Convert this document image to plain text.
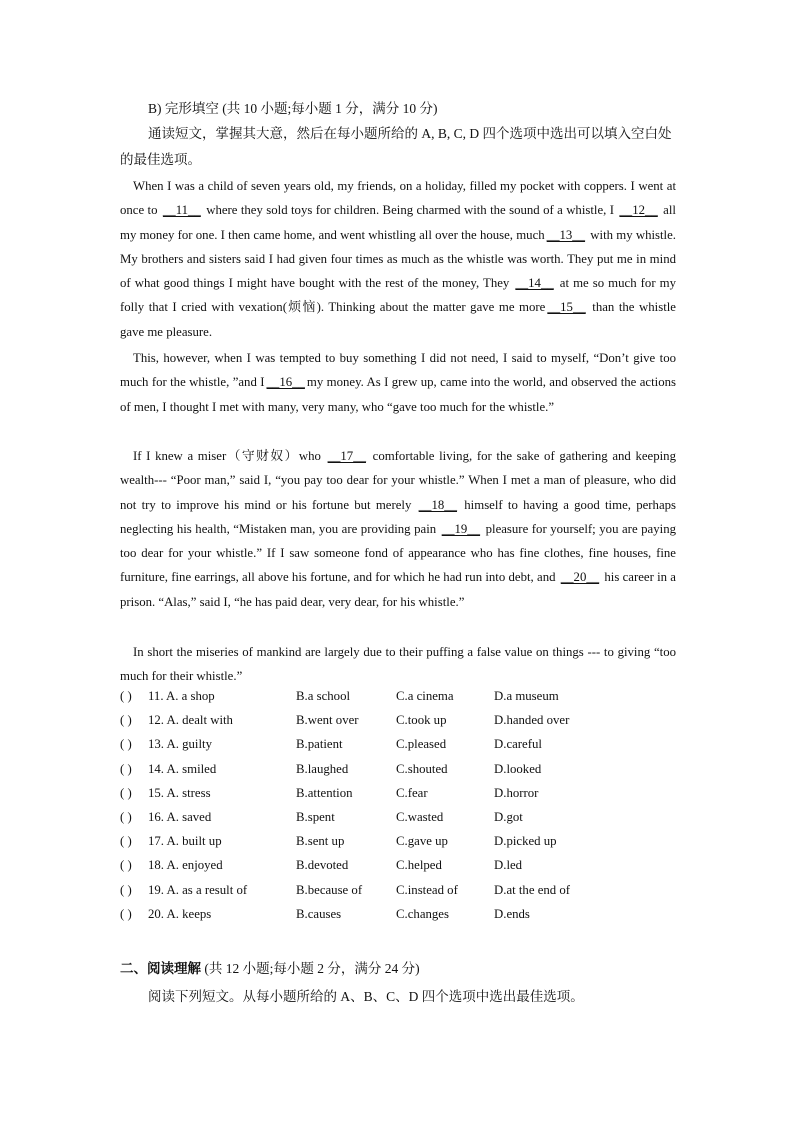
B) 完形填空 (共 10 小题;每小题 1 分，满分 10 分)

通读短文，掌握其大意，然后在每小题所给的 A, B, C, D 四个选项中选出可以填入空白处的最佳选项。

When I was a child of seven years old, my friends, on a holiday, filled my pocket with coppers. I went at once to __11__ where they sold toys for children. Being charmed with the sound of a whistle, I __12__ all my money for one. I then came home, and went whistling all over the house, much __13__ with my whistle. My brothers and sisters said I had given four times as much as the whistle was worth. They put me in mind of what good things I might have bought with the rest of the money, They __14__ at me so much for my folly that I cried with vexation(烦恼). Thinking about the matter gave me more __15__ than the whistle gave me pleasure.

This, however, when I was tempted to buy something I did not need, I said to myself, “Don’t give too much for the whistle, ”and I __16__ my money. As I grew up, came into the world, and observed the actions of men, I thought I met with many, very many, who “gave too much for the whistle.”

If I knew a miser（守财奴）who __17__ comfortable living, for the sake of gathering and keeping wealth--- “Poor man,” said I, “you pay too dear for your whistle.” When I met a man of pleasure, who did not try to improve his mind or his fortune but merely __18__ himself to having a good time, perhaps neglecting his health, “Mistaken man, you are providing pain __19__ pleasure for yourself; you are paying too dear for your whistle.” If I saw someone fond of appearance who has fine clothes, fine houses, fine furniture, fine earrings, all above his fortune, and for which he had run into debt, and __20__ his career in a prison. “Alas,” said I, “he has paid dear, very dear, for his whistle.”

In short the miseries of mankind are largely due to their puffing a false value on things --- to giving “too much for their whistle.”

( ) 11. A. a shop	B.a school	C.a cinema	D.a museum
( ) 12. A. dealt with	B.went over	C.took up	D.handed over
( ) 13. A. guilty	B.patient	C.pleased	D.careful
( ) 14. A. smiled	B.laughed	C.shouted	D.looked
( ) 15. A. stress	B.attention	C.fear	D.horror
( ) 16. A. saved	B.spent	C.wasted	D.got
( ) 17. A. built up	B.sent up	C.gave up	D.picked up
( ) 18. A. enjoyed	B.devoted	C.helped	D.led
( ) 19. A. as a result of	B.because of	C.instead of	D.at the end of
( ) 20. A. keeps	B.causes	C.changes	D.ends
二、阅读理解 (共 12 小题;每小题 2 分，满分 24 分)
阅读下列短文。从每小题所给的 A、B、C、D 四个选项中选出最佳选项。
